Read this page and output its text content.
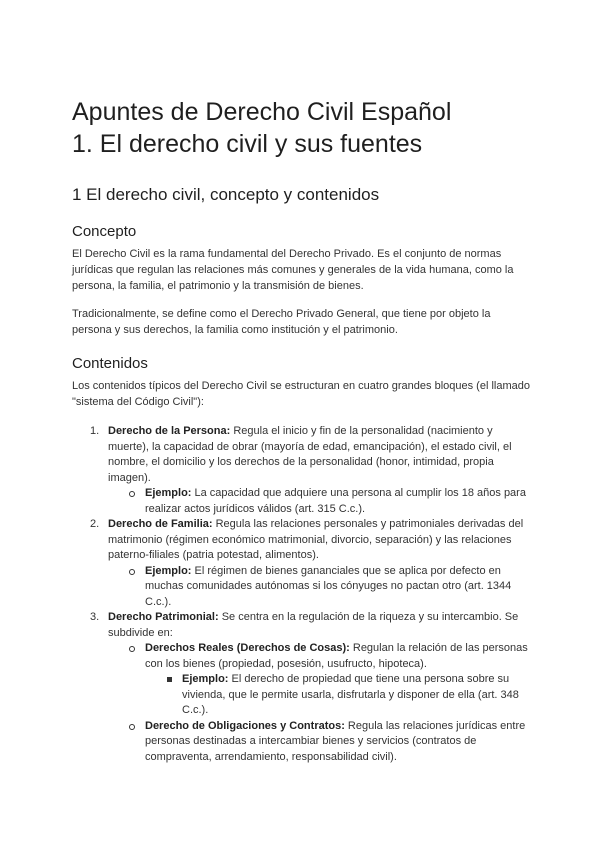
Apuntes de Derecho Civil Español
1. El derecho civil y sus fuentes
1 El derecho civil, concepto y contenidos
Concepto

El Derecho Civil es la rama fundamental del Derecho Privado. Es el conjunto de normas jurídicas que regulan las relaciones más comunes y generales de la vida humana, como la persona, la familia, el patrimonio y la transmisión de bienes.

Tradicionalmente, se define como el Derecho Privado General, que tiene por objeto la persona y sus derechos, la familia como institución y el patrimonio.

Contenidos

Los contenidos típicos del Derecho Civil se estructuran en cuatro grandes bloques (el llamado "sistema del Código Civil"):

1. Derecho de la Persona: Regula el inicio y fin de la personalidad (nacimiento y muerte), la capacidad de obrar (mayoría de edad, emancipación), el estado civil, el nombre, el domicilio y los derechos de la personalidad (honor, intimidad, propia imagen).
Ejemplo: La capacidad que adquiere una persona al cumplir los 18 años para realizar actos jurídicos válidos (art. 315 C.c.).
2. Derecho de Familia: Regula las relaciones personales y patrimoniales derivadas del matrimonio (régimen económico matrimonial, divorcio, separación) y las relaciones paterno-filiales (patria potestad, alimentos).
Ejemplo: El régimen de bienes gananciales que se aplica por defecto en muchas comunidades autónomas si los cónyuges no pactan otro (art. 1344 C.c.).
3. Derecho Patrimonial: Se centra en la regulación de la riqueza y su intercambio. Se subdivide en:
Derechos Reales (Derechos de Cosas): Regulan la relación de las personas con los bienes (propiedad, posesión, usufructo, hipoteca).
Ejemplo: El derecho de propiedad que tiene una persona sobre su vivienda, que le permite usarla, disfrutarla y disponer de ella (art. 348 C.c.).
Derecho de Obligaciones y Contratos: Regula las relaciones jurídicas entre personas destinadas a intercambiar bienes y servicios (contratos de compraventa, arrendamiento, responsabilidad civil).
